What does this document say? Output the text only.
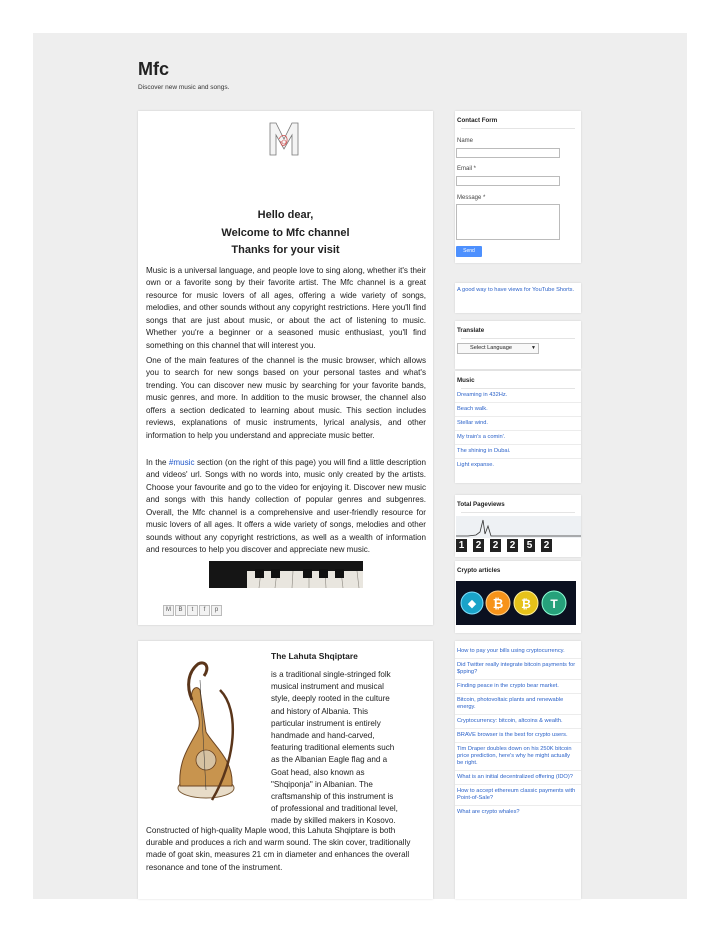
Mfc
Discover new music and songs.
Hello dear,
Welcome to Mfc channel
Thanks for your visit

Music is a universal language, and people love to sing along, whether it's their own or a favorite song by their favorite artist. The Mfc channel is a great resource for music lovers of all ages, offering a wide variety of songs, melodies, and other sounds without any copyright restrictions. Here you'll find songs that are just about music, or about the act of listening to music. Whether you're a beginner or a seasoned music enthusiast, you'll find something on this channel that will interest you.

One of the main features of the channel is the music browser, which allows you to search for new songs based on your personal tastes and what's trending. You can discover new music by searching for your favorite bands, music genres, and more. In addition to the music browser, the channel also offers a section dedicated to learning about music. This section includes reviews, explanations of music instruments, lyrical analysis, and other information to help you understand and appreciate music better.

In the #music section (on the right of this page) you will find a little description and videos' url. Songs with no words into, music only created by the artists. Choose your favourite and go to the video for enjoying it. Discover new music and songs with this handy collection of popular genres and subgenres. Overall, the Mfc channel is a comprehensive and user-friendly resource for music lovers of all ages. It offers a wide variety of songs, melodies and other sounds without any copyright restrictions, as well as a wealth of information and resources to help you discover and appreciate new music.

M	B	t	f	p
The Lahuta Shqiptare

is a traditional single-stringed folk musical instrument and musical style, deeply rooted in the culture and history of Albania. This particular instrument is entirely handmade and hand-carved, featuring traditional elements such as the Albanian Eagle flag and a Goat head, also known as "Shqiponja" in Albanian. The craftsmanship of this instrument is of professional and traditional level, made by skilled makers in Kosovo.

Constructed of high-quality Maple wood, this Lahuta Shqiptare is both durable and produces a rich and warm sound. The skin cover, traditionally made of goat skin, measures 21 cm in diameter and enhances the overall resonance and tone of the instrument.

Contact Form
Name
Email *
Message *
Send
A good way to have views for YouTube Shorts.
Translate
Select Language	▼
Music
Dreaming in 432Hz.
Beach walk.
Stellar wind.
My train's a comin'.
The shining in Dubai.
Light expanse.
Total Pageviews
1 2 2 2 5 2
Crypto articles
◆ ₿ ₿ T
How to pay your bills using cryptocurrency.
Did Twitter really integrate bitcoin payments for $pping?
Finding peace in the crypto bear market.
Bitcoin, photovoltaic plants and renewable energy.
Cryptocurrency: bitcoin, altcoins & wealth.
BRAVE browser is the best for crypto users.
Tim Draper doubles down on his 250K bitcoin price prediction, here's why he might actually be right.
What is an initial decentralized offering (IDO)?
How to accept ethereum classic payments with Point-of-Sale?
What are crypto whales?
